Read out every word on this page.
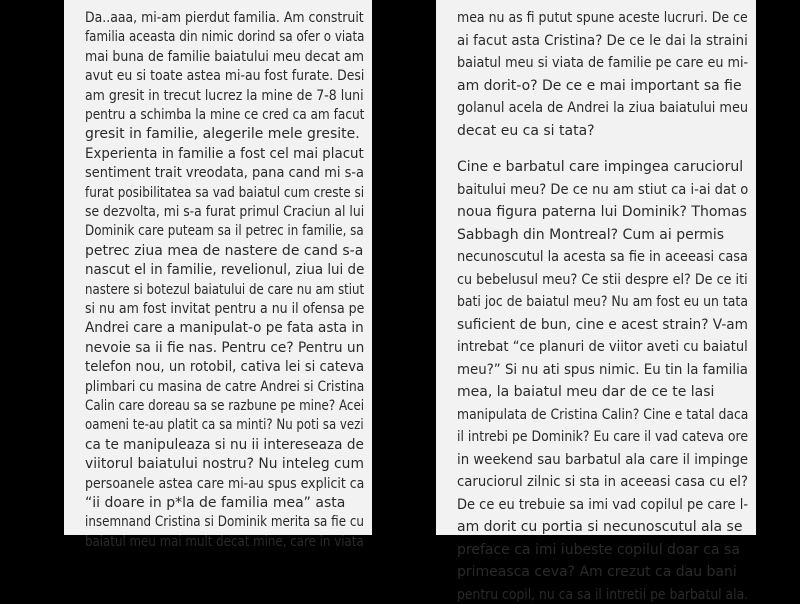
Da..aaa, mi-am pierdut familia. Am construit
familia aceasta din nimic dorind sa ofer o viata
mai buna de familie baiatului meu decat am
avut eu si toate astea mi-au fost furate. Desi
am gresit in trecut lucrez la mine de 7-8 luni
pentru a schimba la mine ce cred ca am facut
gresit in familie, alegerile mele gresite.
Experienta in familie a fost cel mai placut
sentiment trait vreodata, pana cand mi s-a
furat posibilitatea sa vad baiatul cum creste si
se dezvolta, mi s-a furat primul Craciun al lui
Dominik care puteam sa il petrec in familie, sa
petrec ziua mea de nastere de cand s-a
nascut el in familie, revelionul, ziua lui de
nastere si botezul baiatului de care nu am stiut
si nu am fost invitat pentru a nu il ofensa pe
Andrei care a manipulat-o pe fata asta in
nevoie sa ii fie nas. Pentru ce? Pentru un
telefon nou, un rotobil, cativa lei si cateva
plimbari cu masina de catre Andrei si Cristina
Calin care doreau sa se razbune pe mine? Acei
oameni te-au platit ca sa minti? Nu poti sa vezi
ca te manipuleaza si nu ii intereseaza de
viitorul baiatului nostru? Nu inteleg cum
persoanele astea care mi-au spus explicit ca
“ii doare in p*la de familia mea” asta
insemnand Cristina si Dominik merita sa fie cu
baiatul meu mai mult decat mine, care in viata
mea nu as fi putut spune aceste lucruri. De ce
ai facut asta Cristina? De ce le dai la straini
baiatul meu si viata de familie pe care eu mi-
am dorit-o? De ce e mai important sa fie
golanul acela de Andrei la ziua baiatului meu
decat eu ca si tata?
Cine e barbatul care impingea caruciorul
baitului meu? De ce nu am stiut ca i-ai dat o
noua figura paterna lui Dominik? Thomas
Sabbagh din Montreal? Cum ai permis
necunoscutul la acesta sa fie in aceeasi casa
cu bebelusul meu? Ce stii despre el? De ce iti
bati joc de baiatul meu? Nu am fost eu un tata
suficient de bun, cine e acest strain? V-am
intrebat “ce planuri de viitor aveti cu baiatul
meu?” Si nu ati spus nimic. Eu tin la familia
mea, la baiatul meu dar de ce te lasi
manipulata de Cristina Calin? Cine e tatal daca
il intrebi pe Dominik? Eu care il vad cateva ore
in weekend sau barbatul ala care il impinge
caruciorul zilnic si sta in aceeasi casa cu el?
De ce eu trebuie sa imi vad copilul pe care l-
am dorit cu portia si necunoscutul ala se
preface ca imi iubeste copilul doar ca sa
primeasca ceva? Am crezut ca dau bani
pentru copil, nu ca sa il intretii pe barbatul ala.
